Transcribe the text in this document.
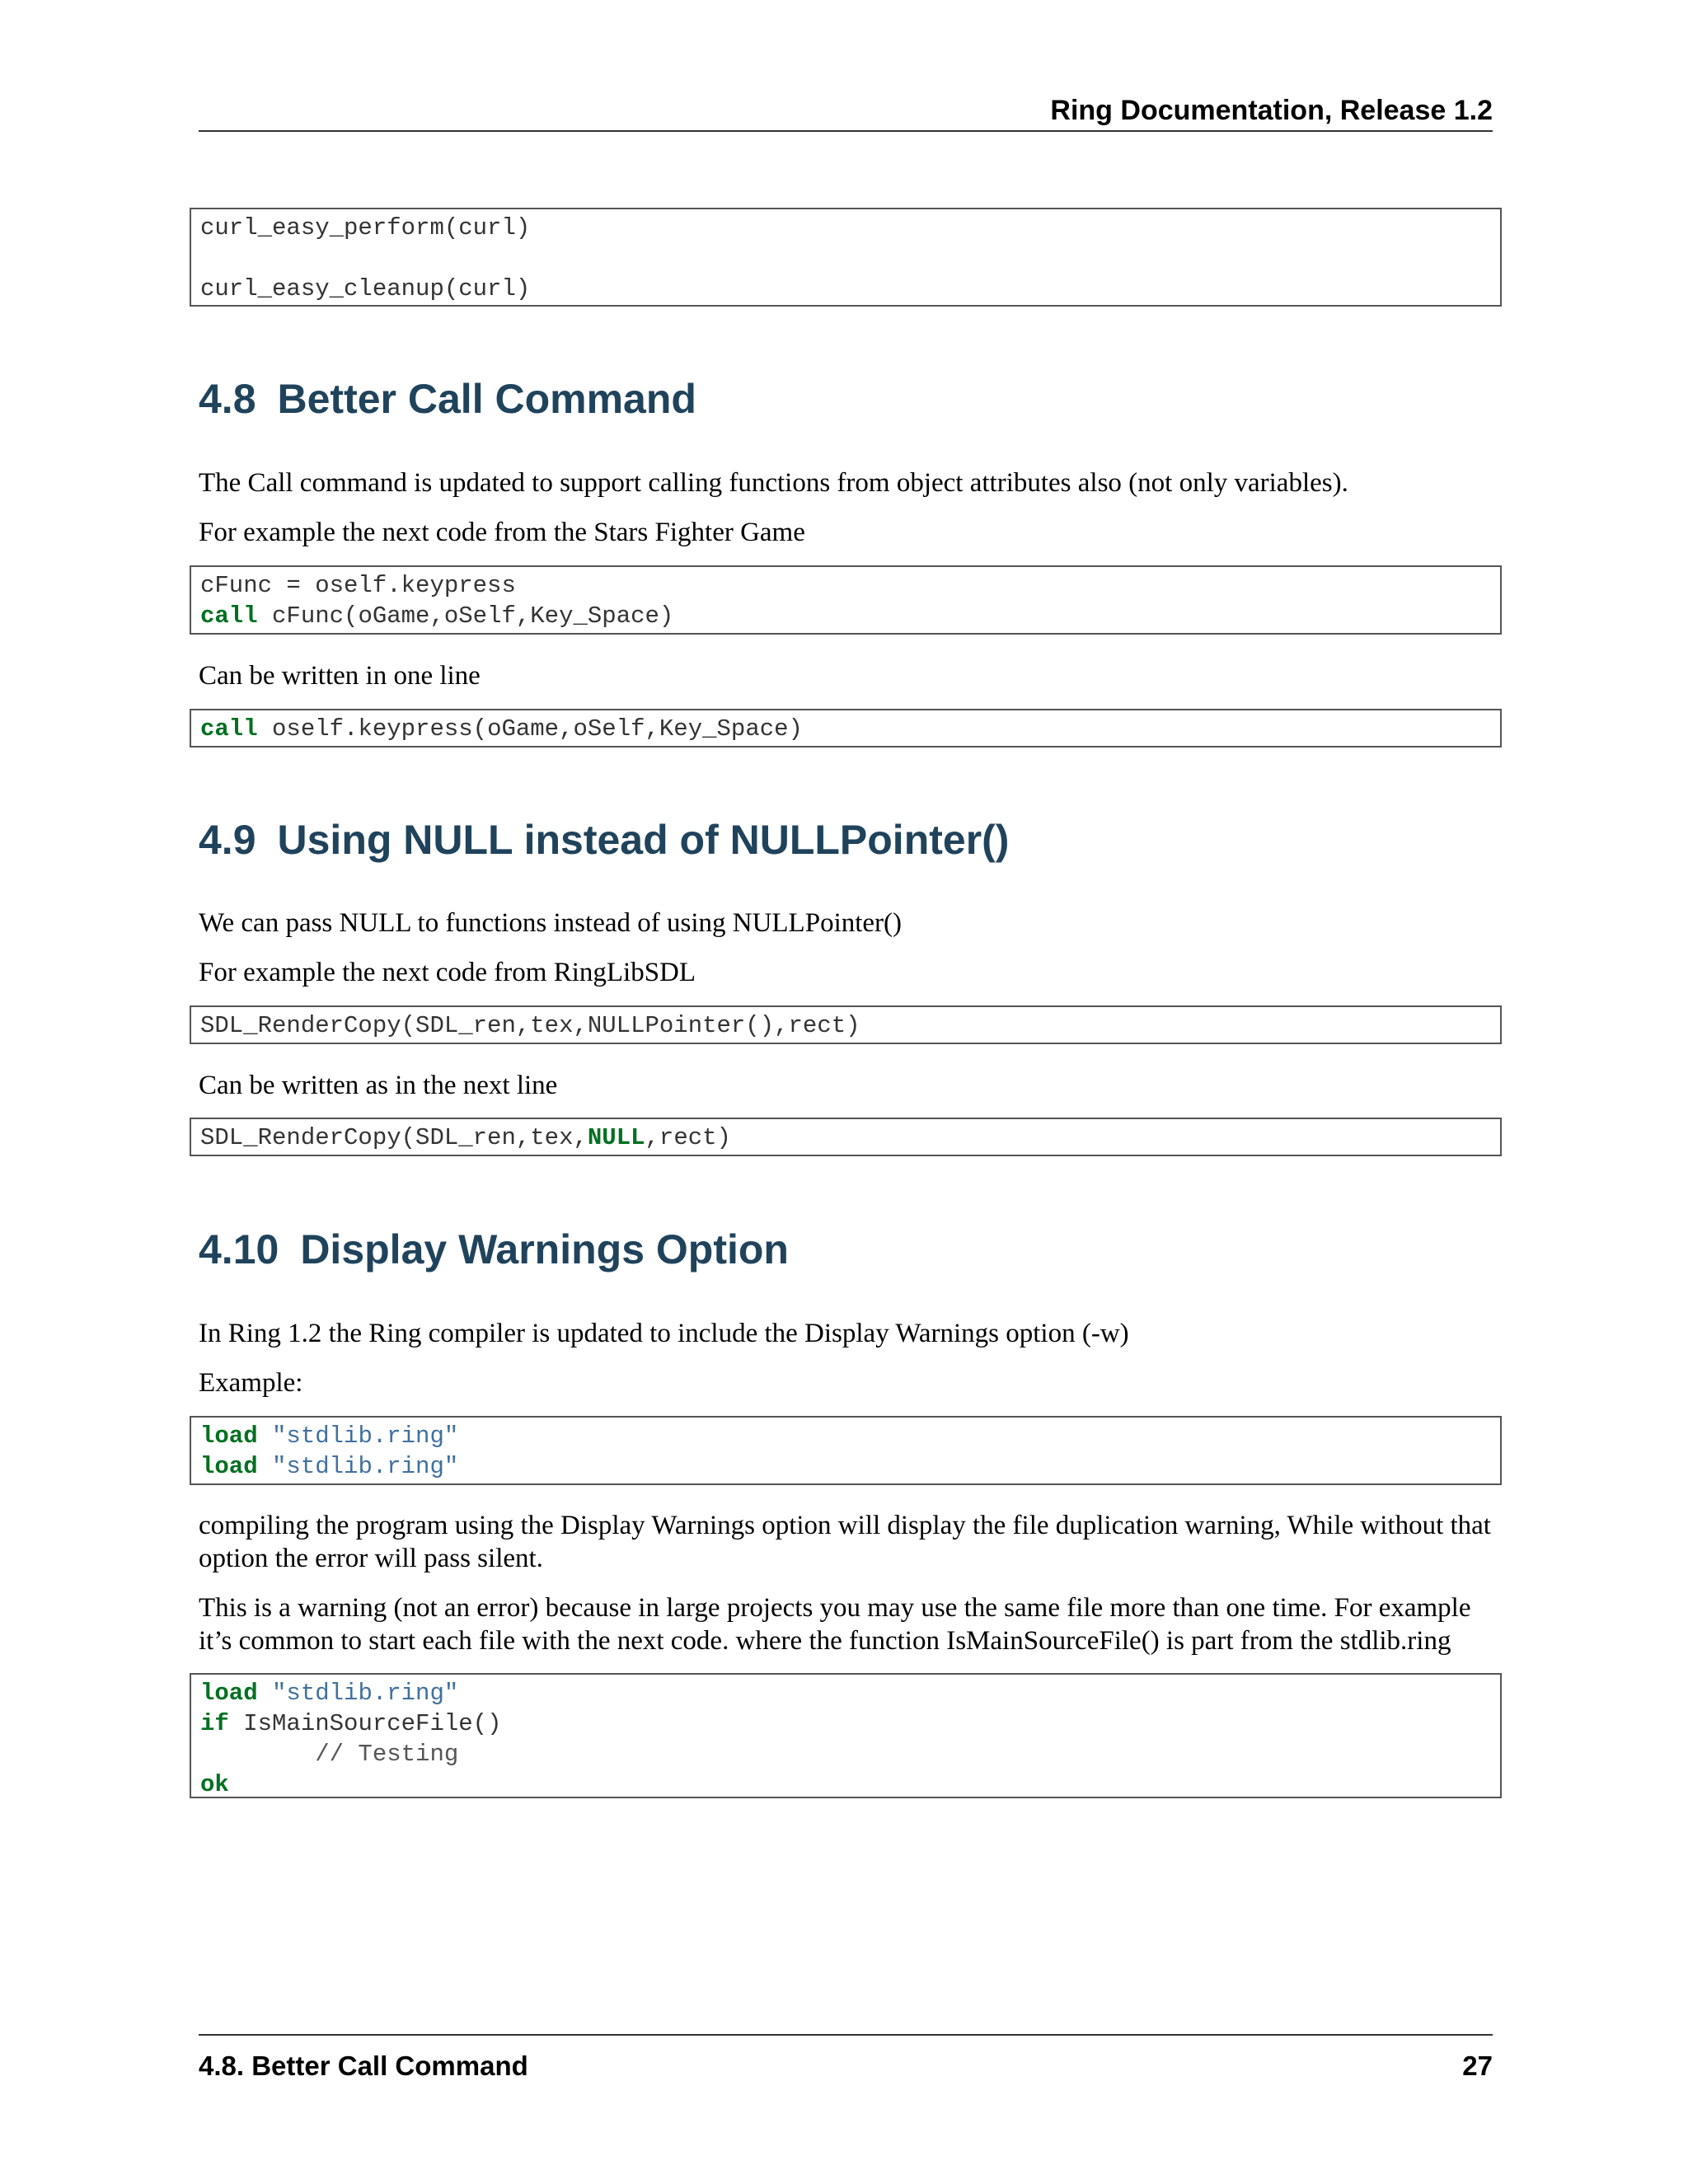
Ring Documentation, Release 1.2
curl_easy_perform(curl)
curl_easy_cleanup(curl)
4.8 Better Call Command

The Call command is updated to support calling functions from object attributes also (not only variables).

For example the next code from the Stars Fighter Game

cFunc = oself.keypress
call cFunc(oGame,oSelf,Key_Space)

Can be written in one line

call oself.keypress(oGame,oSelf,Key_Space)
4.9 Using NULL instead of NULLPointer()

We can pass NULL to functions instead of using NULLPointer()

For example the next code from RingLibSDL

SDL_RenderCopy(SDL_ren,tex,NULLPointer(),rect)

Can be written as in the next line

SDL_RenderCopy(SDL_ren,tex,NULL,rect)
4.10 Display Warnings Option

In Ring 1.2 the Ring compiler is updated to include the Display Warnings option (-w)

Example:

load "stdlib.ring"
load "stdlib.ring"

compiling the program using the Display Warnings option will display the file duplication warning, While without that option the error will pass silent.

This is a warning (not an error) because in large projects you may use the same file more than one time. For example it’s common to start each file with the next code. where the function IsMainSourceFile() is part from the stdlib.ring

load "stdlib.ring"
if IsMainSourceFile()
// Testing
ok
4.8. Better Call Command	27
